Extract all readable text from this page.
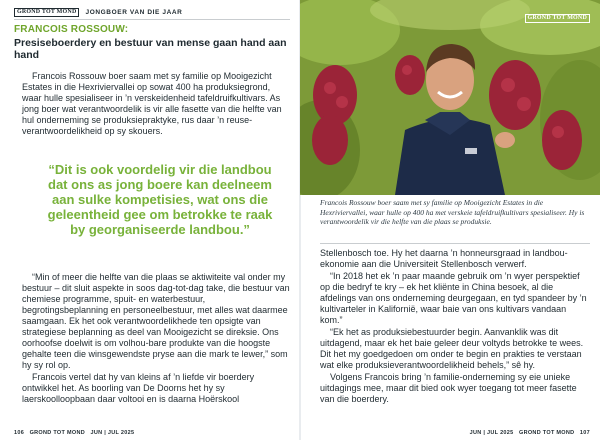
GROND TOT MOND	JONGBOER VAN DIE JAAR
FRANCOIS ROSSOUW:
Presiseboerdery en bestuur van mense gaan hand aan hand

Francois Rossouw boer saam met sy familie op Mooigezicht Estates in die Hexriviervallei op sowat 400 ha produksiegrond, waar hulle spesialiseer in ’n verskeidenheid tafeldruifkultivars. As jong boer wat verantwoordelik is vir alle fasette van die helfte van hul onderneming se produksiepraktyke, rus daar ’n reuse-verantwoordelikheid op sy skouers.

“Dit is ook voordelig vir die landbou dat ons as jong boere kan deelneem aan sulke kompetisies, wat ons die geleentheid gee om betrokke te raak by georganiseerde landbou.”

“Min of meer die helfte van die plaas se aktiwiteite val onder my bestuur – dit sluit aspekte in soos dag-tot-dag take, die bestuur van chemiese programme, spuit- en waterbestuur, begrotingsbeplanning en personeelbestuur, met alles wat daarmee saamgaan. Ek het ook verantwoordelikhede ten opsigte van strategiese beplanning as deel van Mooigezicht se direksie. Ons oorhoofse doelwit is om volhou-bare produkte van die hoogste gehalte teen die winsgewendste pryse aan die mark te lewer,” som hy sy rol op.

Francois vertel dat hy van kleins af ’n liefde vir boerdery ontwikkel het. As boorling van De Doorns het hy sy laerskoolloopbaan daar voltooi en is daarna Hoërskool

106 GROND TOT MOND JUN | JUL 2025
GROND TOT MOND
Francois Rossouw boer saam met sy familie op Mooigezicht Estates in die Hexriviervallei, waar hulle op 400 ha met verskeie tafeldruifkultivars spesialiseer. Hy is verantwoordelik vir die helfte van die plaas se produksie.

Stellenbosch toe. Hy het daarna ’n honneursgraad in landbou-ekonomie aan die Universiteit Stellenbosch verwerf.

“In 2018 het ek ’n paar maande gebruik om ’n wyer perspektief op die bedryf te kry – ek het kliënte in China besoek, al die afdelings van ons onderneming deurgegaan, en tyd spandeer by ’n kultivarteler in Kalifornië, waar baie van ons kultivars vandaan kom.”

“Ek het as produksiebestuurder begin. Aanvanklik was dit uitdagend, maar ek het baie geleer deur voltyds betrokke te wees. Dit het my goedgedoen om onder te begin en prakties te verstaan wat elke produksieverantwoordelikheid behels,” sê hy.

Volgens Francois bring ’n familie-onderneming sy eie unieke uitdagings mee, maar dit bied ook wyer toegang tot meer fasette van die boerdery.

JUN | JUL 2025 GROND TOT MOND 107
